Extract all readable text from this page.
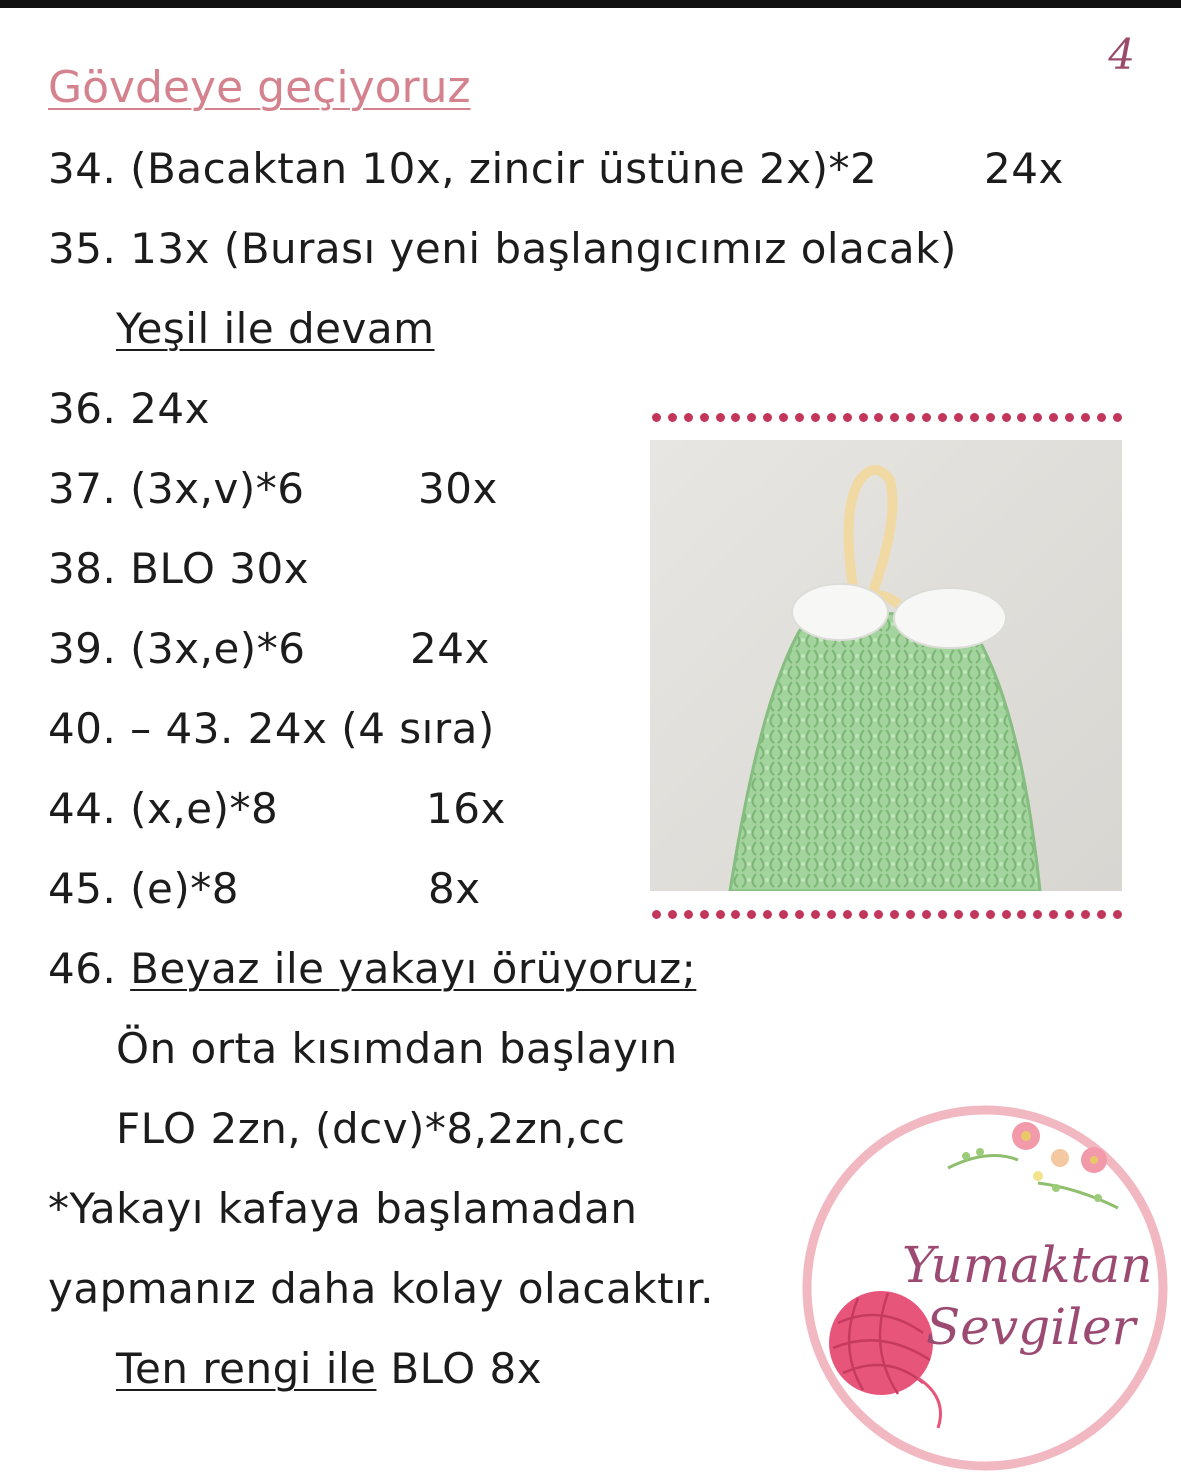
4
Gövdeye geçiyoruz
34. (Bacaktan 10x, zincir üstüne 2x)*2	24x
35. 13x (Burası yeni başlangıcımız olacak)
Yeşil ile devam
36. 24x
37. (3x,v)*6	30x
38. BLO 30x
39. (3x,e)*6 24x
40. – 43. 24x (4 sıra)
44. (x,e)*8	16x
45. (e)*8	8x
46. Beyaz ile yakayı örüyoruz;
Ön orta kısımdan başlayın
FLO 2zn, (dcv)*8,2zn,cc
*Yakayı kafaya başlamadan
yapmanız daha kolay olacaktır.
Ten rengi ile BLO 8x
Yumaktan
Sevgiler
